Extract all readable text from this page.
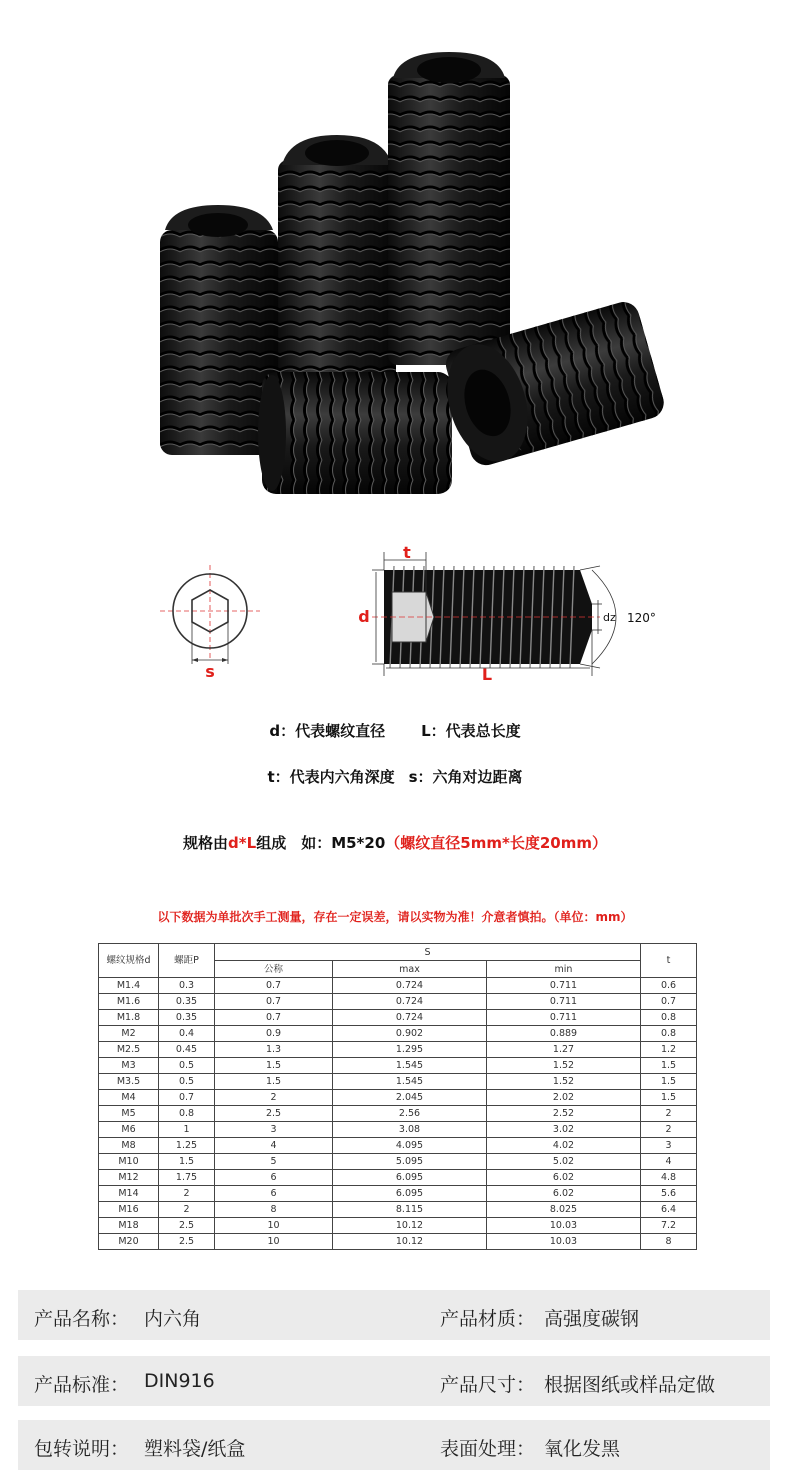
s
t
d
L
dz 120°
d：代表螺纹直径 L：代表总长度
t：代表内六角深度 s：六角对边距离
规格由d*L组成　如：M5*20（螺纹直径5mm*长度20mm）
以下数据为单批次手工测量，存在一定误差，请以实物为准！介意者慎拍。（单位：mm）
螺纹规格d	螺距P	S			t
		公称	max	min	
M1.4	0.3	0.7	0.724	0.711	0.6
M1.6	0.35	0.7	0.724	0.711	0.7
M1.8	0.35	0.7	0.724	0.711	0.8
M2	0.4	0.9	0.902	0.889	0.8
M2.5	0.45	1.3	1.295	1.27	1.2
M3	0.5	1.5	1.545	1.52	1.5
M3.5	0.5	1.5	1.545	1.52	1.5
M4	0.7	2	2.045	2.02	1.5
M5	0.8	2.5	2.56	2.52	2
M6	1	3	3.08	3.02	2
M8	1.25	4	4.095	4.02	3
M10	1.5	5	5.095	5.02	4
M12	1.75	6	6.095	6.02	4.8
M14	2	6	6.095	6.02	5.6
M16	2	8	8.115	8.025	6.4
M18	2.5	10	10.12	10.03	7.2
M20	2.5	10	10.12	10.03	8
产品名称： 内六角	产品材质： 高强度碳钢
产品标准： DIN916	产品尺寸： 根据图纸或样品定做
包转说明： 塑料袋/纸盒	表面处理： 氧化发黑
